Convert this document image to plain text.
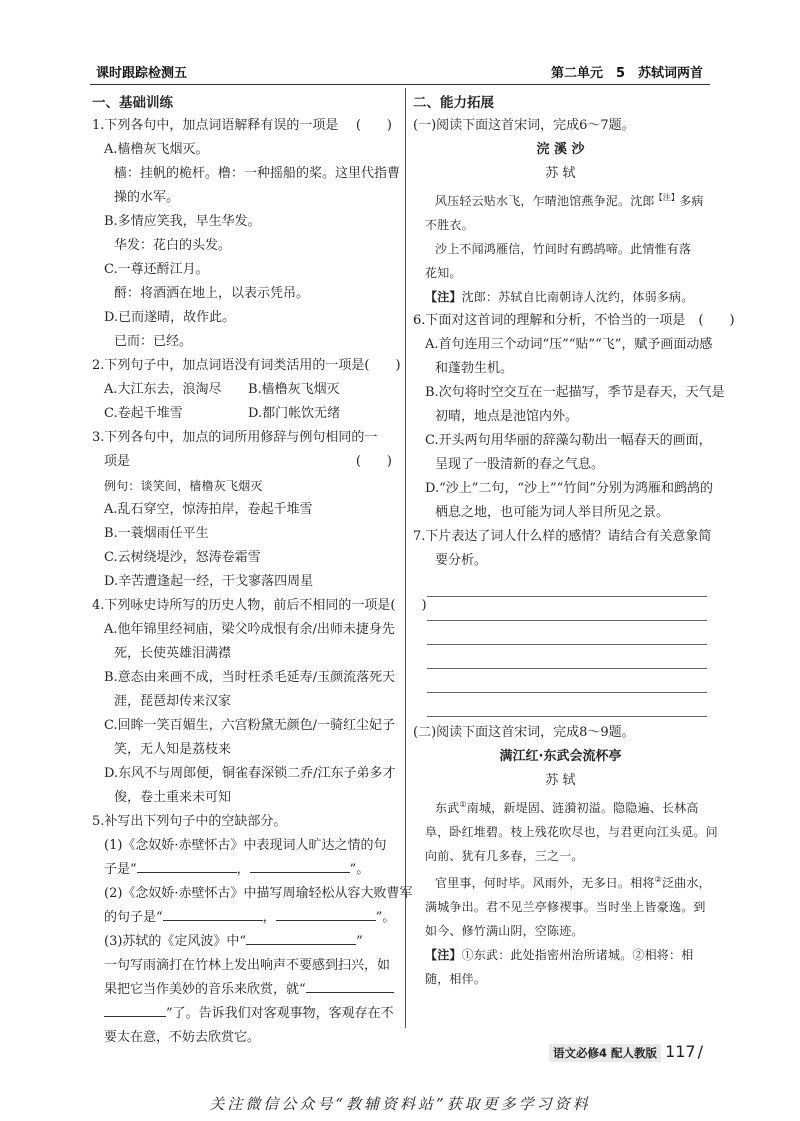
课时跟踪检测五	第二单元　5　苏轼词两首
一、基础训练
1.下列各句中，加点词语解释有误的一项是 (　　)
A.樯橹灰飞烟灭。
樯：挂帆的桅杆。橹：一种摇船的桨。这里代指曹
操的水军。
B.多情应笑我，早生华发。
华发：花白的头发。
C.一尊还酹江月。
酹：将酒洒在地上，以表示凭吊。
D.已而遂晴，故作此。
已而：已经。
2.下列句子中，加点词语没有词类活用的一项是(　　)
A.大江东去，浪淘尽	B.樯橹灰飞烟灭
C.卷起千堆雪	D.都门帐饮无绪
3.下列各句中，加点的词所用修辞与例句相同的一
项是	(　　)
例句：谈笑间，樯橹灰飞烟灭
A.乱石穿空，惊涛拍岸，卷起千堆雪
B.一蓑烟雨任平生
C.云树绕堤沙，怒涛卷霜雪
D.辛苦遭逢起一经，干戈寥落四周星
4.下列咏史诗所写的历史人物，前后不相同的一项是(　　)
A.他年锦里经祠庙，梁父吟成恨有余/出师未捷身先
死，长使英雄泪满襟
B.意态由来画不成，当时枉杀毛延寿/玉颜流落死天
涯，琵琶却传来汉家
C.回眸一笑百媚生，六宫粉黛无颜色/一骑红尘妃子
笑，无人知是荔枝来
D.东风不与周郎便，铜雀春深锁二乔/江东子弟多才
俊，卷土重来未可知
5.补写出下列句子中的空缺部分。
(1)《念奴娇·赤壁怀古》中表现词人旷达之情的句
子是“	，	”。
(2)《念奴娇·赤壁怀古》中描写周瑜轻松从容大败曹军
的句子是“	，	”。
(3)苏轼的《定风波》中“	”
一句写雨滴打在竹林上发出响声不要感到扫兴，如
果把它当作美妙的音乐来欣赏，就“
”了。告诉我们对客观事物，客观存在不
要太在意，不妨去欣赏它。
二、能力拓展
(一)阅读下面这首宋词，完成6～7题。
浣 溪 沙
苏 轼
风压轻云贴水飞，乍晴池馆燕争泥。沈郎$^{【注】}$多病
不胜衣。
沙上不闻鸿雁信，竹间时有鹧鸪啼。此情惟有落
花知。
【注】沈郎：苏轼自比南朝诗人沈约，体弱多病。
6.下面对这首词的理解和分析，不恰当的一项是　(　　)
A.首句连用三个动词“压”“贴”“飞”，赋予画面动感
和蓬勃生机。
B.次句将时空交互在一起描写，季节是春天，天气是
初晴，地点是池馆内外。
C.开头两句用华丽的辞藻勾勒出一幅春天的画面，
呈现了一股清新的春之气息。
D.“沙上”二句，“沙上”“竹间”分别为鸿雁和鹧鸪的
栖息之地，也可能为词人举目所见之景。
7.下片表达了词人什么样的感情？请结合有关意象简
要分析。
(二)阅读下面这首宋词，完成8～9题。
满江红·东武会流杯亭
苏 轼
东武①南城，新堤固、涟漪初溢。隐隐遍、长林高
阜，卧红堆碧。枝上残花吹尽也，与君更向江头觅。问
向前、犹有几多春，三之一。
官里事，何时毕。风雨外，无多日。相将②泛曲水，
满城争出。君不见兰亭修禊事。当时坐上皆豪逸。到
如今、修竹满山阴，空陈迹。
【注】①东武：此处指密州治所诸城。②相将：相
随，相伴。
语文必修4 配人教版 117 /
关注微信公众号“教辅资料站”获取更多学习资料
